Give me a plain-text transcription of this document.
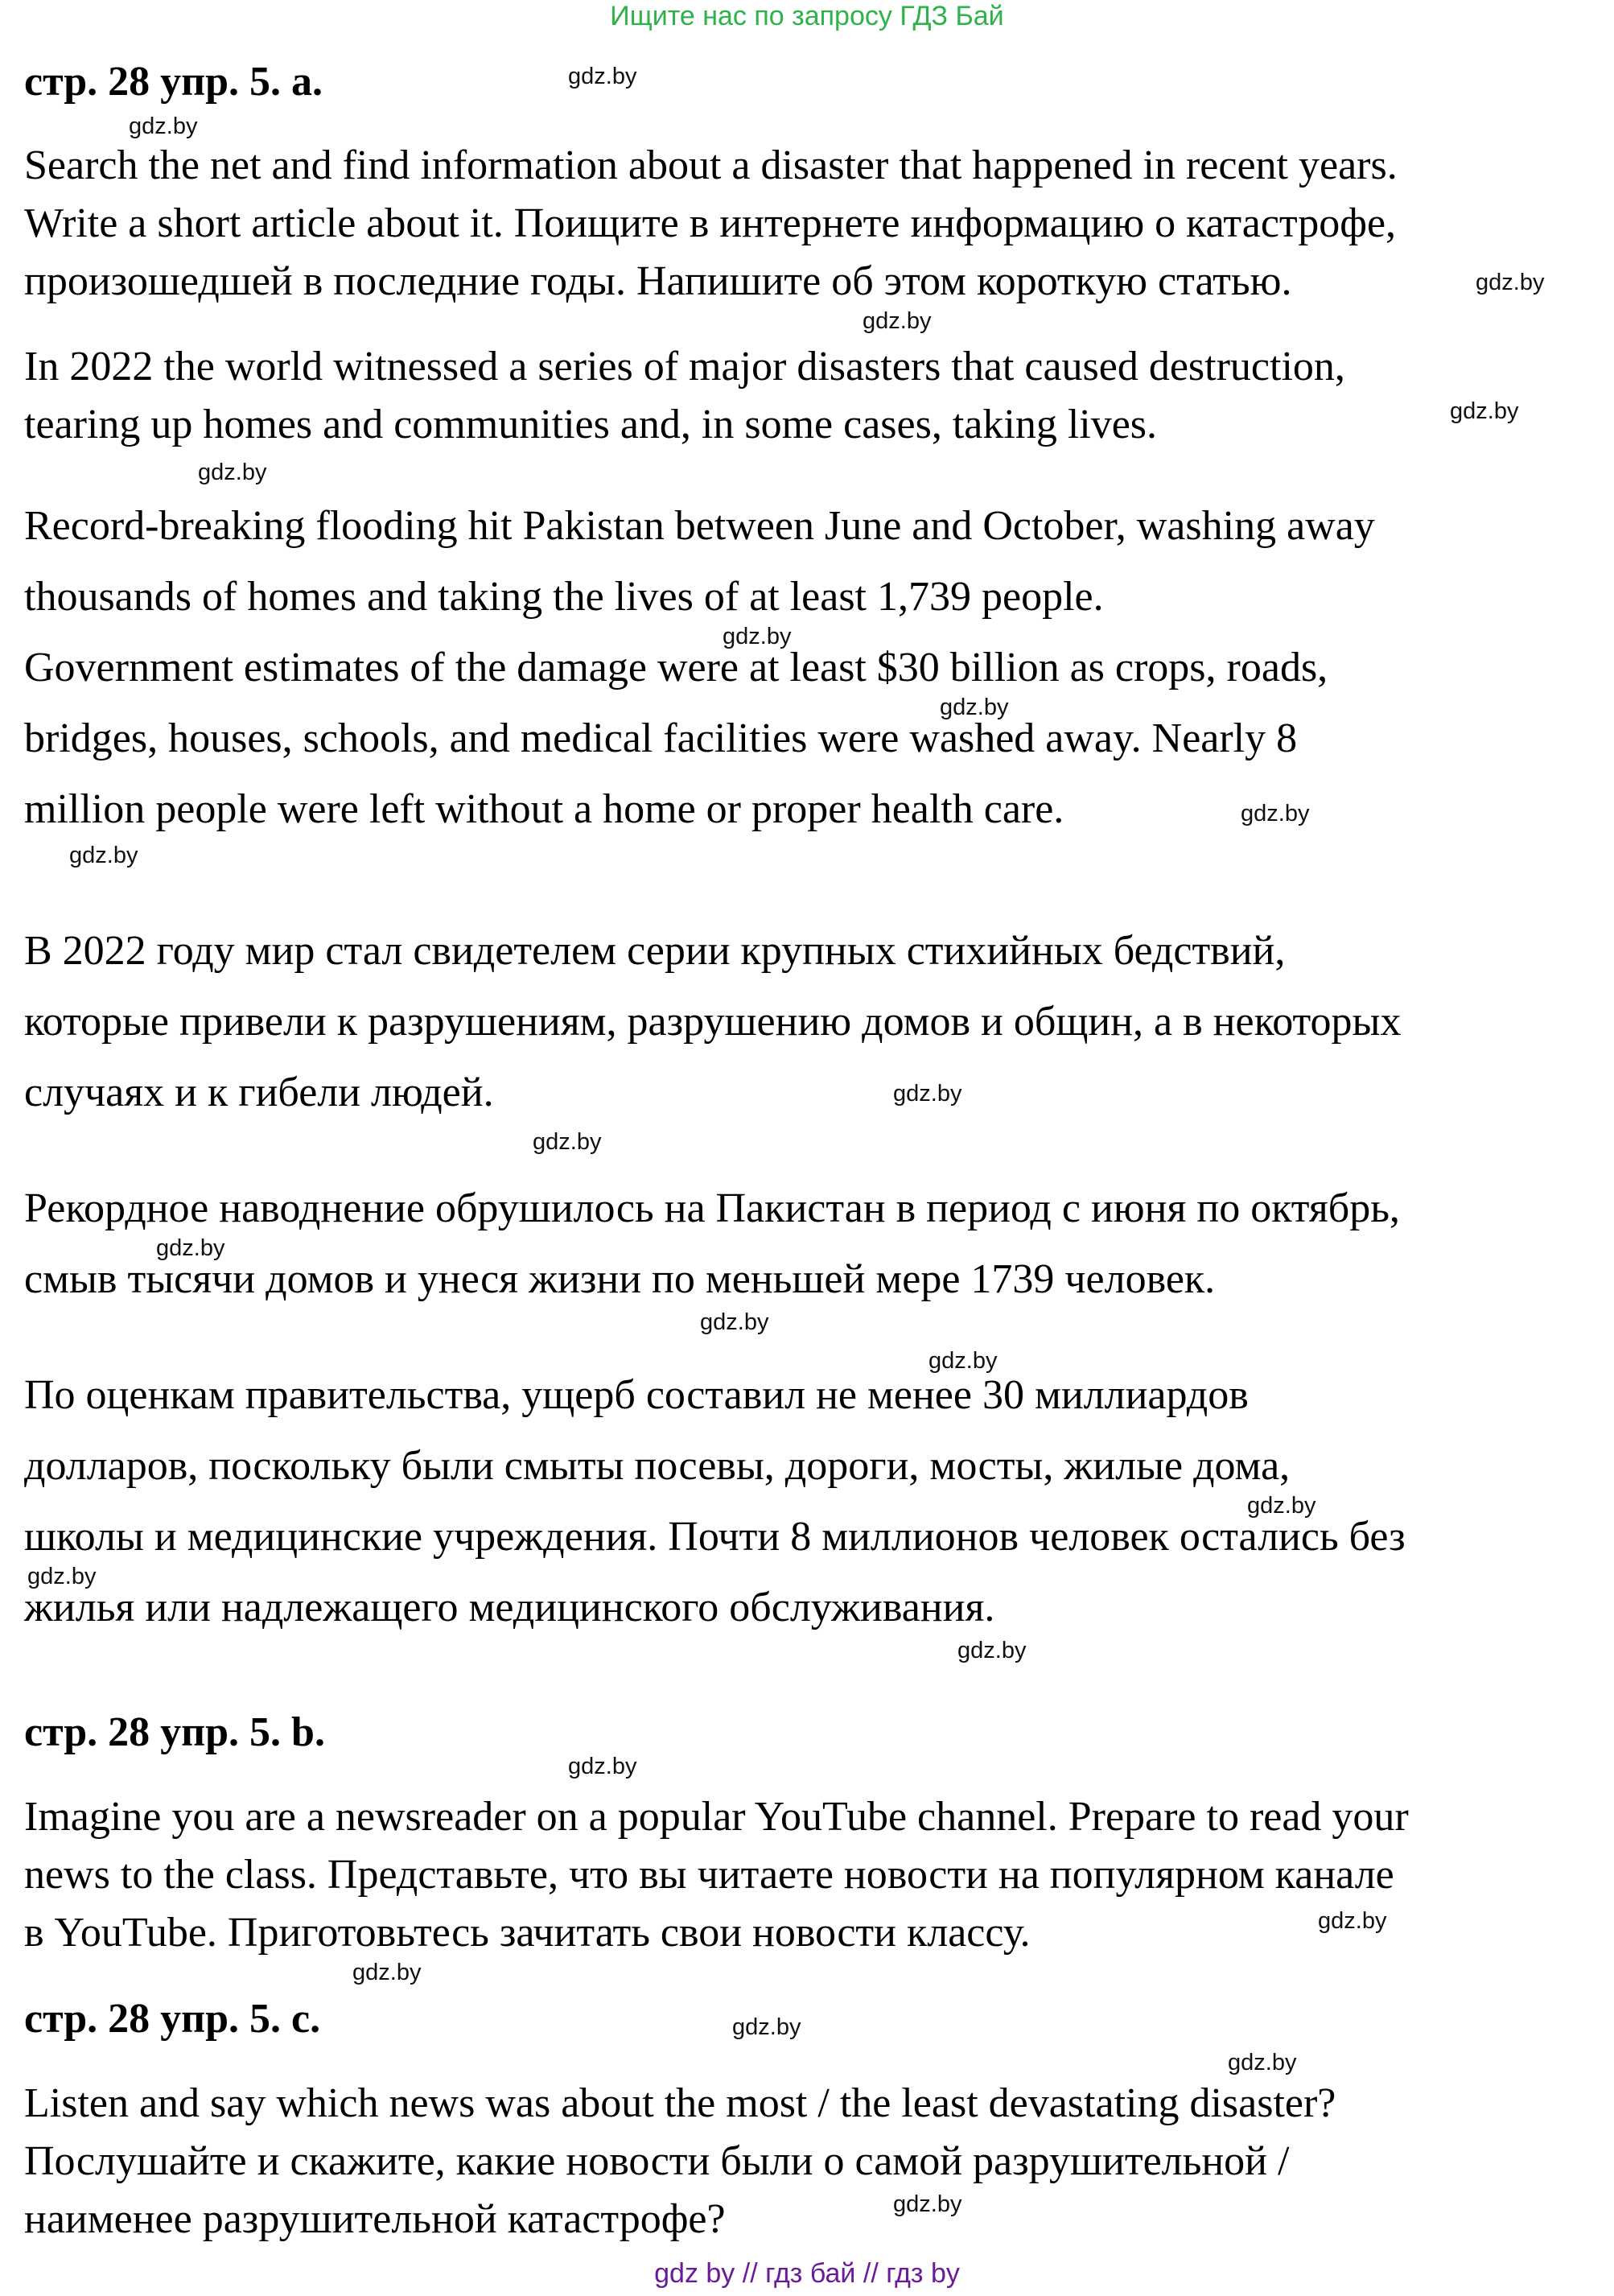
Ищите нас по запросу ГДЗ Бай
стр. 28 упр. 5. а.
Search the net and find information about a disaster that happened in recent years.
Write a short article about it. Поищите в интернете информацию о катастрофе,
произошедшей в последние годы. Напишите об этом короткую статью.
In 2022 the world witnessed a series of major disasters that caused destruction,
tearing up homes and communities and, in some cases, taking lives.
Record-breaking flooding hit Pakistan between June and October, washing away
thousands of homes and taking the lives of at least 1,739 people.
Government estimates of the damage were at least $30 billion as crops, roads,
bridges, houses, schools, and medical facilities were washed away. Nearly 8
million people were left without a home or proper health care.
В 2022 году мир стал свидетелем серии крупных стихийных бедствий,
которые привели к разрушениям, разрушению домов и общин, а в некоторых
случаях и к гибели людей.
Рекордное наводнение обрушилось на Пакистан в период с июня по октябрь,
смыв тысячи домов и унеся жизни по меньшей мере 1739 человек.
По оценкам правительства, ущерб составил не менее 30 миллиардов
долларов, поскольку были смыты посевы, дороги, мосты, жилые дома,
школы и медицинские учреждения. Почти 8 миллионов человек остались без
жилья или надлежащего медицинского обслуживания.
стр. 28 упр. 5. b.
Imagine you are a newsreader on a popular YouTube channel. Prepare to read your
news to the class. Представьте, что вы читаете новости на популярном канале
в YouTube. Приготовьтесь зачитать свои новости классу.
стр. 28 упр. 5. c.
Listen and say which news was about the most / the least devastating disaster?
Послушайте и скажите, какие новости были о самой разрушительной /
наименее разрушительной катастрофе?
gdz.by
gdz.by
gdz.by
gdz.by
gdz.by
gdz.by
gdz.by
gdz.by
gdz.by
gdz.by
gdz.by
gdz.by
gdz.by
gdz.by
gdz.by
gdz.by
gdz.by
gdz.by
gdz.by
gdz.by
gdz.by
gdz.by
gdz.by
gdz.by
gdz by // гдз бай // гдз by
